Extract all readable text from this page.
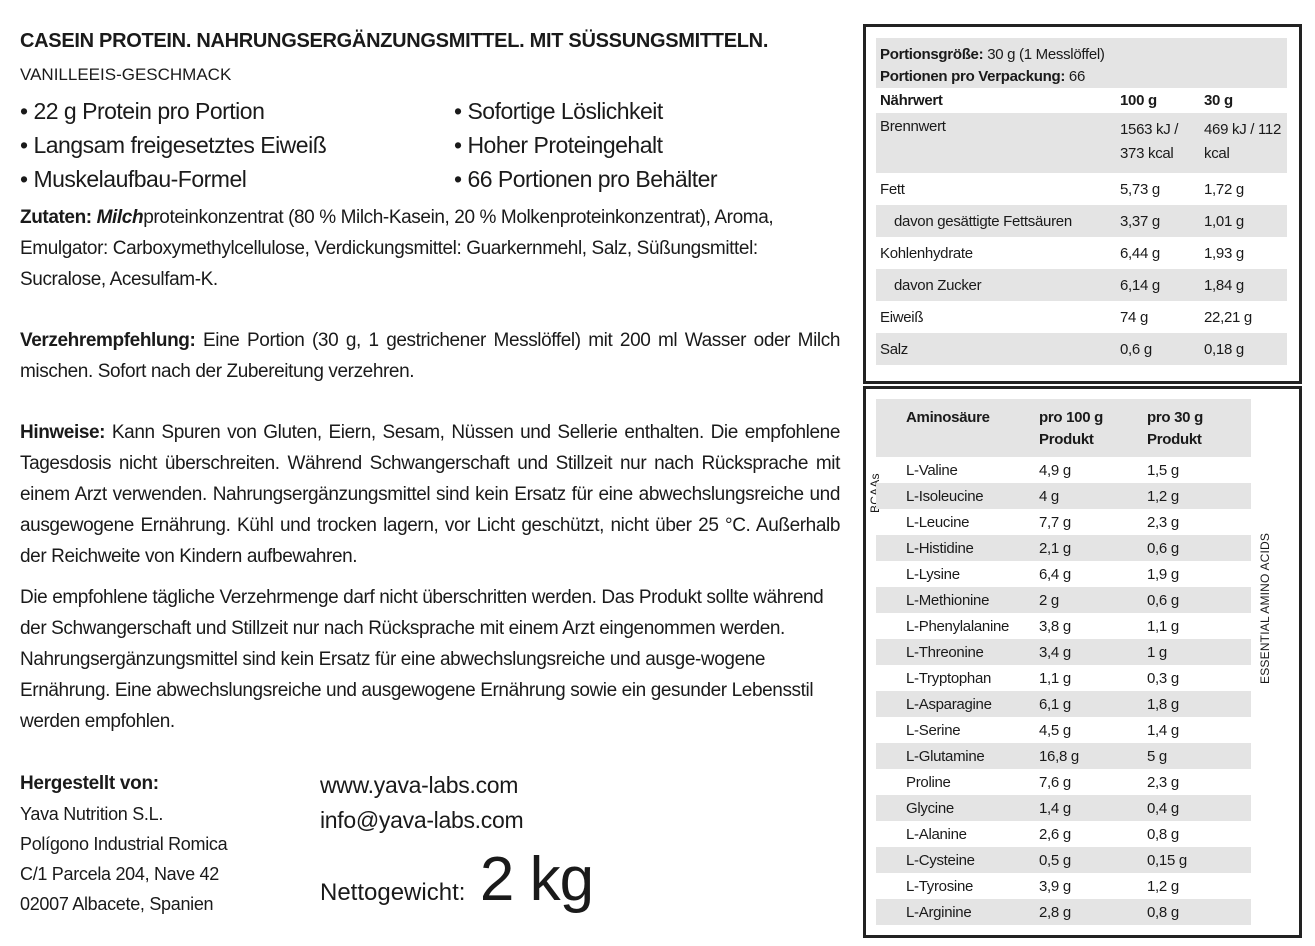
CASEIN PROTEIN. NAHRUNGSERGÄNZUNGSMITTEL. MIT SÜSSUNGSMITTELN.
VANILLEEIS-GESCHMACK
• 22 g Protein pro Portion	• Sofortige Löslichkeit
• Langsam freigesetztes Eiweiß	• Hoher Proteingehalt
• Muskelaufbau-Formel	• 66 Portionen pro Behälter
Zutaten: Milchproteinkonzentrat (80 % Milch-Kasein, 20 % Molkenproteinkonzentrat), Aroma, Emulgator: Carboxymethylcellulose, Verdickungsmittel: Guarkernmehl, Salz, Süßungsmittel: Sucralose, Acesulfam-K.
Verzehrempfehlung: Eine Portion (30 g, 1 gestrichener Messlöffel) mit 200 ml Wasser oder Milch mischen. Sofort nach der Zubereitung verzehren.
Hinweise: Kann Spuren von Gluten, Eiern, Sesam, Nüssen und Sellerie enthalten. Die empfohlene Tagesdosis nicht überschreiten. Während Schwangerschaft und Stillzeit nur nach Rücksprache mit einem Arzt verwenden. Nahrungsergänzungsmittel sind kein Ersatz für eine abwechslungsreiche und ausgewogene Ernährung. Kühl und trocken lagern, vor Licht geschützt, nicht über 25 °C. Außerhalb der Reichweite von Kindern aufbewahren.
Die empfohlene tägliche Verzehrmenge darf nicht überschritten werden. Das Produkt sollte während der Schwangerschaft und Stillzeit nur nach Rücksprache mit einem Arzt eingenommen werden. Nahrungsergänzungsmittel sind kein Ersatz für eine abwechslungsreiche und ausge-wogene Ernährung. Eine abwechslungsreiche und ausgewogene Ernährung sowie ein gesunder Lebensstil werden empfohlen.
Hergestellt von:
Yava Nutrition S.L.
Polígono Industrial Romica
C/1 Parcela 204, Nave 42
02007 Albacete, Spanien
www.yava-labs.com
info@yava-labs.com
Nettogewicht: 2 kg
Portionsgröße: 30 g (1 Messlöffel)
Portionen pro Verpackung: 66		
Nährwert	100 g	30 g
Brennwert	1563 kJ / 373 kcal	469 kJ / 112 kcal
Fett	5,73 g	1,72 g
davon gesättigte Fettsäuren	3,37 g	1,01 g
Kohlenhydrate	6,44 g	1,93 g
davon Zucker	6,14 g	1,84 g
Eiweiß	74 g	22,21 g
Salz	0,6 g	0,18 g
BCAAs
ESSENTIAL AMINO ACIDS
Aminosäure	pro 100 g Produkt	pro 30 g Produkt
L-Valine	4,9 g	1,5 g
L-Isoleucine	4 g	1,2 g
L-Leucine	7,7 g	2,3 g
L-Histidine	2,1 g	0,6 g
L-Lysine	6,4 g	1,9 g
L-Methionine	2 g	0,6 g
L-Phenylalanine	3,8 g	1,1 g
L-Threonine	3,4 g	1 g
L-Tryptophan	1,1 g	0,3 g
L-Asparagine	6,1 g	1,8 g
L-Serine	4,5 g	1,4 g
L-Glutamine	16,8 g	5 g
Proline	7,6 g	2,3 g
Glycine	1,4 g	0,4 g
L-Alanine	2,6 g	0,8 g
L-Cysteine	0,5 g	0,15 g
L-Tyrosine	3,9 g	1,2 g
L-Arginine	2,8 g	0,8 g
